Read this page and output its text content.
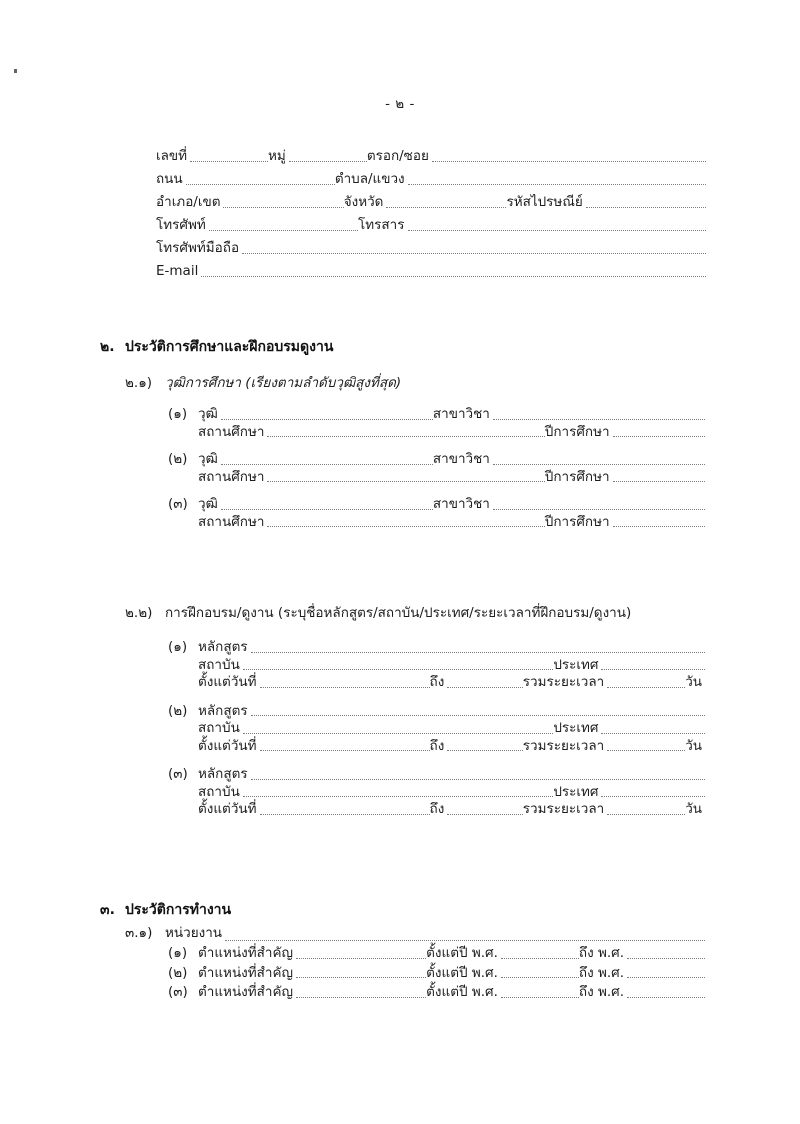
- ๒ -
เลขที่	หมู่	ตรอก/ซอย
ถนน	ตำบล/แขวง
อำเภอ/เขต	จังหวัด	รหัสไปรษณีย์
โทรศัพท์	โทรสาร
โทรศัพท์มือถือ
E-mail
๒. ประวัติการศึกษาและฝึกอบรมดูงาน
๒.๑) วุฒิการศึกษา (เรียงตามลำดับวุฒิสูงที่สุด)
(๑) วุฒิ	สาขาวิชา
สถานศึกษา	ปีการศึกษา
(๒) วุฒิ	สาขาวิชา
สถานศึกษา	ปีการศึกษา
(๓) วุฒิ	สาขาวิชา
สถานศึกษา	ปีการศึกษา
๒.๒) การฝึกอบรม/ดูงาน (ระบุชื่อหลักสูตร/สถาบัน/ประเทศ/ระยะเวลาที่ฝึกอบรม/ดูงาน)
(๑) หลักสูตร
สถาบัน	ประเทศ
ตั้งแต่วันที่	ถึง	รวมระยะเวลา	วัน
(๒) หลักสูตร
สถาบัน	ประเทศ
ตั้งแต่วันที่	ถึง	รวมระยะเวลา	วัน
(๓) หลักสูตร
สถาบัน	ประเทศ
ตั้งแต่วันที่	ถึง	รวมระยะเวลา	วัน
๓. ประวัติการทำงาน
๓.๑) หน่วยงาน
(๑) ตำแหน่งที่สำคัญ	ตั้งแต่ปี พ.ศ.	ถึง พ.ศ.
(๒) ตำแหน่งที่สำคัญ	ตั้งแต่ปี พ.ศ.	ถึง พ.ศ.
(๓) ตำแหน่งที่สำคัญ	ตั้งแต่ปี พ.ศ.	ถึง พ.ศ.
